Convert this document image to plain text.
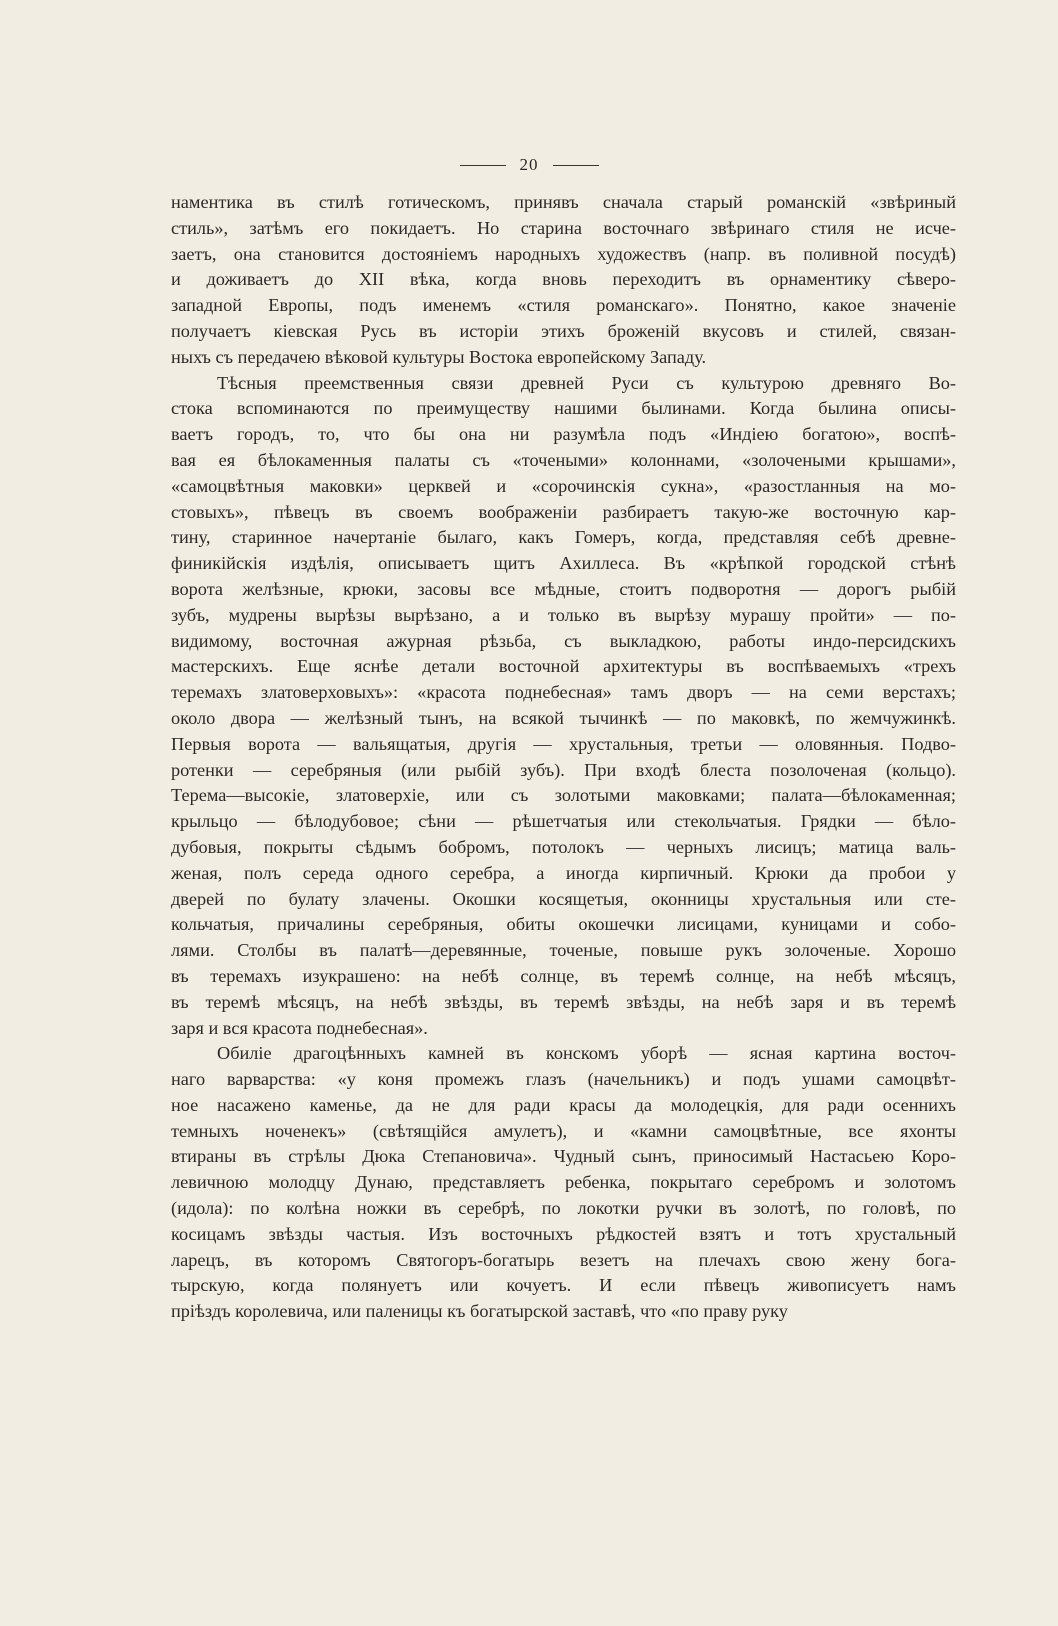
20
наментика въ стилѣ готическомъ, принявъ сначала старый романскій «звѣриный
стиль», затѣмъ его покидаетъ. Но старина восточнаго звѣринаго стиля не исче-
заетъ, она становится достояніемъ народныхъ художествъ (напр. въ поливной посудѣ)
и доживаетъ до XII вѣка, когда вновь переходитъ въ орнаментику сѣверо-
западной Европы, подъ именемъ «стиля романскаго». Понятно, какое значеніе
получаетъ кіевская Русь въ исторіи этихъ броженій вкусовъ и стилей, связан-
ныхъ съ передачею вѣковой культуры Востока европейскому Западу.
Тѣсныя преемственныя связи древней Руси съ культурою древняго Во-
стока вспоминаются по преимуществу нашими былинами. Когда былина описы-
ваетъ городъ, то, что бы она ни разумѣла подъ «Индіею богатою», воспѣ-
вая ея бѣлокаменныя палаты съ «точеными» колоннами, «золочеными крышами»,
«самоцвѣтныя маковки» церквей и «сорочинскія сукна», «разостланныя на мо-
стовыхъ», пѣвецъ въ своемъ воображеніи разбираетъ такую-же восточную кар-
тину, старинное начертаніе былаго, какъ Гомеръ, когда, представляя себѣ древне-
финикійскія издѣлія, описываетъ щитъ Ахиллеса. Въ «крѣпкой городской стѣнѣ
ворота желѣзные, крюки, засовы все мѣдные, стоитъ подворотня — дорогъ рыбій
зубъ, мудрены вырѣзы вырѣзано, а и только въ вырѣзу мурашу пройти» — по-
видимому, восточная ажурная рѣзьба, съ выкладкою, работы индо-персидскихъ
мастерскихъ. Еще яснѣе детали восточной архитектуры въ воспѣваемыхъ «трехъ
теремахъ златоверховыхъ»: «красота поднебесная» тамъ дворъ — на семи верстахъ;
около двора — желѣзный тынъ, на всякой тычинкѣ — по маковкѣ, по жемчужинкѣ.
Первыя ворота — вальящатыя, другія — хрустальныя, третьи — оловянныя. Подво-
ротенки — серебряныя (или рыбій зубъ). При входѣ блеста позолоченая (кольцо).
Терема—высокіе, златоверхіе, или съ золотыми маковками; палата—бѣлокаменная;
крыльцо — бѣлодубовое; сѣни — рѣшетчатыя или стекольчатыя. Грядки — бѣло-
дубовыя, покрыты сѣдымъ бобромъ, потолокъ — черныхъ лисицъ; матица валь-
женая, полъ середа одного серебра, а иногда кирпичный. Крюки да пробои у
дверей по булату злачены. Окошки косящетыя, оконницы хрустальныя или сте-
кольчатыя, причалины серебряныя, обиты окошечки лисицами, куницами и собо-
лями. Столбы въ палатѣ—деревянные, точеные, повыше рукъ золоченые. Хорошо
въ теремахъ изукрашено: на небѣ солнце, въ теремѣ солнце, на небѣ мѣсяцъ,
въ теремѣ мѣсяцъ, на небѣ звѣзды, въ теремѣ звѣзды, на небѣ заря и въ теремѣ
заря и вся красота поднебесная».
Обиліе драгоцѣнныхъ камней въ конскомъ уборѣ — ясная картина восточ-
наго варварства: «у коня промежъ глазъ (начельникъ) и подъ ушами самоцвѣт-
ное насажено каменье, да не для ради красы да молодецкія, для ради осеннихъ
темныхъ ноченекъ» (свѣтящійся амулетъ), и «камни самоцвѣтные, все яхонты
втираны въ стрѣлы Дюка Степановича». Чудный сынъ, приносимый Настасьею Коро-
левичною молодцу Дунаю, представляетъ ребенка, покрытаго серебромъ и золотомъ
(идола): по колѣна ножки въ серебрѣ, по локотки ручки въ золотѣ, по головѣ, по
косицамъ звѣзды частыя. Изъ восточныхъ рѣдкостей взятъ и тотъ хрустальный
ларецъ, въ которомъ Святогоръ-богатырь везетъ на плечахъ свою жену бога-
тырскую, когда полянуетъ или кочуетъ. И если пѣвецъ живописуетъ намъ
пріѣздъ королевича, или паленицы къ богатырской заставѣ, что «по праву руку
